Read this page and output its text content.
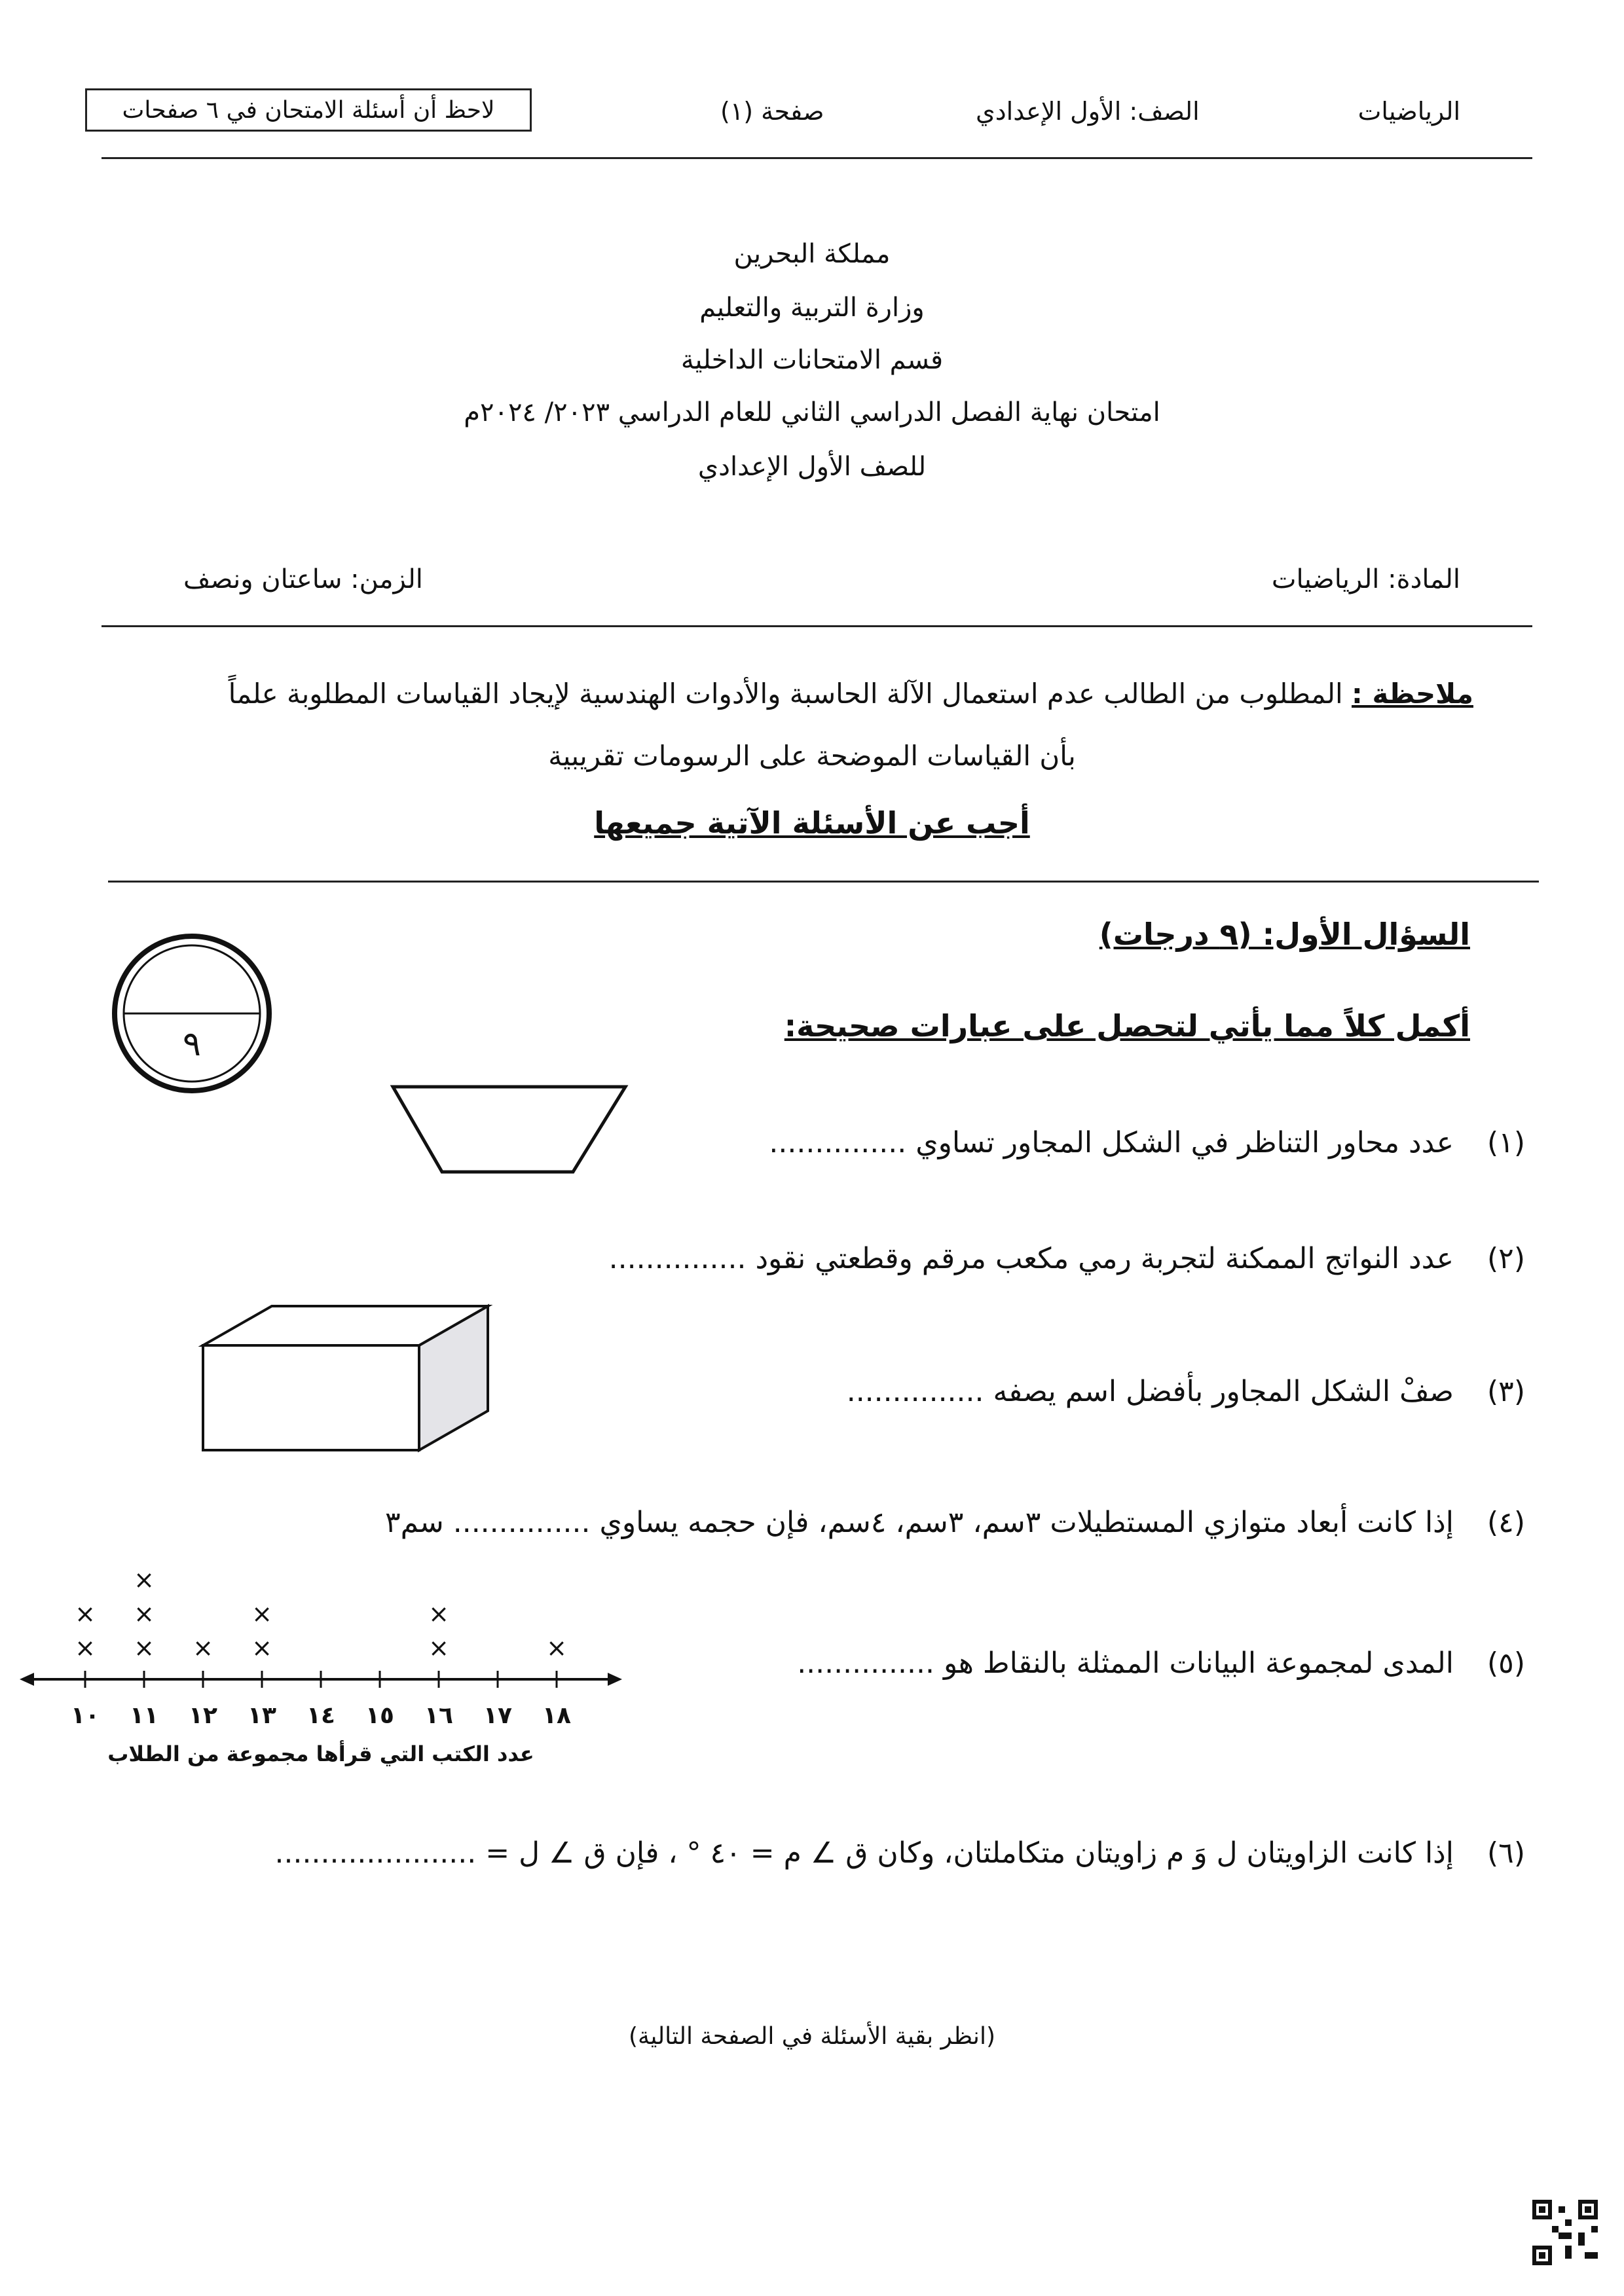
الرياضيات
الصف: الأول الإعدادي
صفحة (١)
لاحظ أن أسئلة الامتحان في ٦ صفحات
مملكة البحرين
وزارة التربية والتعليم
قسم الامتحانات الداخلية
امتحان نهاية الفصل الدراسي الثاني للعام الدراسي ٢٠٢٣/ ٢٠٢٤م
للصف الأول الإعدادي
المادة: الرياضيات
الزمن: ساعتان ونصف
ملاحظة : المطلوب من الطالب عدم استعمال الآلة الحاسبة والأدوات الهندسية لإيجاد القياسات المطلوبة علماً
بأن القياسات الموضحة على الرسومات تقريبية
أجب عن الأسئلة الآتية جميعها
السؤال الأول: (٩ درجات)
أكمل كلاً مما يأتي لتحصل على عبارات صحيحة:
٩
(١)
عدد محاور التناظر في الشكل المجاور تساوي ...............
(٢)
عدد النواتج الممكنة لتجربة رمي مكعب مرقم وقطعتي نقود ...............
(٣)
صفْ الشكل المجاور بأفضل اسم يصفه ...............
(٤)
إذا كانت أبعاد متوازي المستطيلات ٣سم، ٣سم، ٤سم، فإن حجمه يساوي ............... سم٣
(٥)
المدى لمجموعة البيانات الممثلة بالنقاط هو ...............
(٦)
إذا كانت الزاويتان ل وَ م زاويتان متكاملتان، وكان ق ∠ م = ٤٠ ° ، فإن ق ∠ ل = ......................
×
×
×
×
×
× ×
×
×
×
×
١٠ ١١ ١٢ ١٣ ١٤ ١٥ ١٦ ١٧ ١٨
عدد الكتب التي قرأها مجموعة من الطلاب
(انظر بقية الأسئلة في الصفحة التالية)
